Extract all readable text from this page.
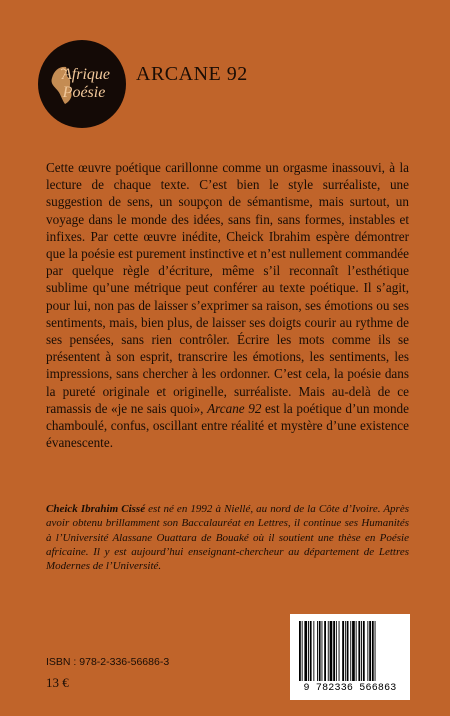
Afrique
Poésie
ARCANE 92

Cette œuvre poétique carillonne comme un orgasme inassouvi, à la lecture de chaque texte. C’est bien le style surréaliste, une suggestion de sens, un soupçon de sémantisme, mais surtout, un voyage dans le monde des idées, sans fin, sans formes, instables et infixes. Par cette œuvre inédite, Cheick Ibrahim espère démontrer que la poésie est purement instinctive et n’est nullement commandée par quelque règle d’écriture, même s’il reconnaît l’esthétique sublime qu’une métrique peut conférer au texte poétique. Il s’agit, pour lui, non pas de laisser s’exprimer sa raison, ses émotions ou ses sentiments, mais, bien plus, de laisser ses doigts courir au rythme de ses pensées, sans rien contrôler. Écrire les mots comme ils se présentent à son esprit, transcrire les émotions, les sentiments, les impressions, sans chercher à les ordonner. C’est cela, la poésie dans la pureté originale et originelle, surréaliste. Mais au-delà de ce ramassis de «je ne sais quoi», Arcane 92 est la poétique d’un monde chamboulé, confus, oscillant entre réalité et mystère d’une existence évanescente.

Cheick Ibrahim Cissé est né en 1992 à Niellé, au nord de la Côte d’Ivoire. Après avoir obtenu brillamment son Baccalauréat en Lettres, il continue ses Humanités à l’Université Alassane Ouattara de Bouaké où il soutient une thèse en Poésie africaine. Il y est aujourd’hui enseignant-chercheur au département de Lettres Modernes de l’Université.

ISBN : 978-2-336-56686-3
13 €	9 782336 566863
